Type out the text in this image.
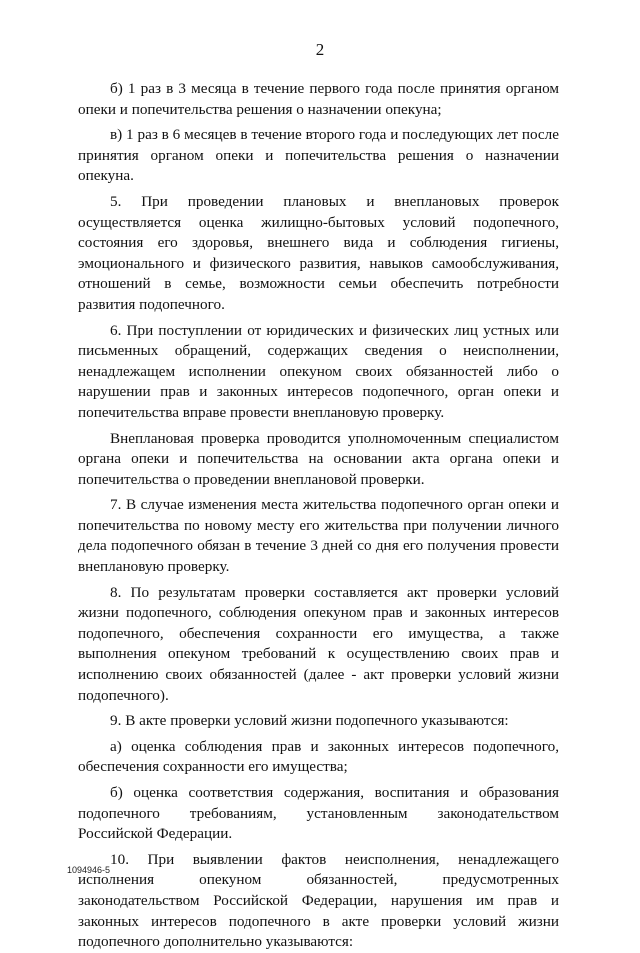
2

б) 1 раз в 3 месяца в течение первого года после принятия органом опеки и попечительства решения о назначении опекуна;

в) 1 раз в 6 месяцев в течение второго года и последующих лет после принятия органом опеки и попечительства решения о назначении опекуна.

5. При проведении плановых и внеплановых проверок осуществляется оценка жилищно-бытовых условий подопечного, состояния его здоровья, внешнего вида и соблюдения гигиены, эмоционального и физического развития, навыков самообслуживания, отношений в семье, возможности семьи обеспечить потребности развития подопечного.

6. При поступлении от юридических и физических лиц устных или письменных обращений, содержащих сведения о неисполнении, ненадлежащем исполнении опекуном своих обязанностей либо о нарушении прав и законных интересов подопечного, орган опеки и попечительства вправе провести внеплановую проверку.

Внеплановая проверка проводится уполномоченным специалистом органа опеки и попечительства на основании акта органа опеки и попечительства о проведении внеплановой проверки.

7. В случае изменения места жительства подопечного орган опеки и попечительства по новому месту его жительства при получении личного дела подопечного обязан в течение 3 дней со дня его получения провести внеплановую проверку.

8. По результатам проверки составляется акт проверки условий жизни подопечного, соблюдения опекуном прав и законных интересов подопечного, обеспечения сохранности его имущества, а также выполнения опекуном требований к осуществлению своих прав и исполнению своих обязанностей (далее - акт проверки условий жизни подопечного).

9. В акте проверки условий жизни подопечного указываются:

а) оценка соблюдения прав и законных интересов подопечного, обеспечения сохранности его имущества;

б) оценка соответствия содержания, воспитания и образования подопечного требованиям, установленным законодательством Российской Федерации.

10. При выявлении фактов неисполнения, ненадлежащего исполнения опекуном обязанностей, предусмотренных законодательством Российской Федерации, нарушения им прав и законных интересов подопечного в акте проверки условий жизни подопечного дополнительно указываются:

1094946-5
